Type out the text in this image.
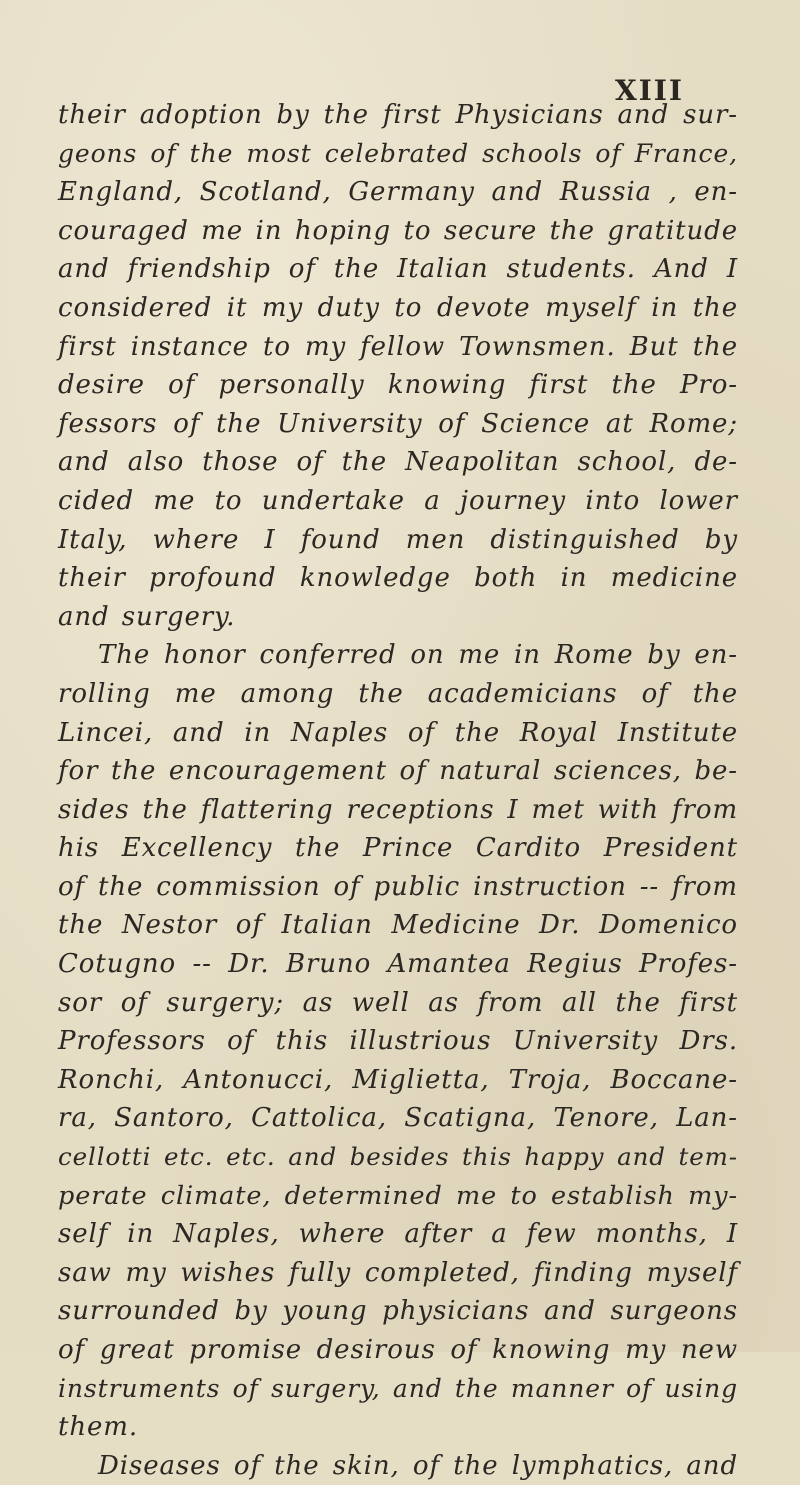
XIII
their adoption by the first Physicians and sur-
geons of the most celebrated schools of France,
England, Scotland, Germany and Russia , en-
couraged me in hoping to secure the gratitude
and friendship of the Italian students. And I
considered it my duty to devote myself in the
first instance to my fellow Townsmen. But the
desire of personally knowing first the Pro-
fessors of the University of Science at Rome;
and also those of the Neapolitan school, de-
cided me to undertake a journey into lower
Italy, where I found men distinguished by
their profound knowledge both in medicine
and surgery.
The honor conferred on me in Rome by en-
rolling me among the academicians of the
Lincei, and in Naples of the Royal Institute
for the encouragement of natural sciences, be-
sides the flattering receptions I met with from
his Excellency the Prince Cardito President
of the commission of public instruction -- from
the Nestor of Italian Medicine Dr. Domenico
Cotugno -- Dr. Bruno Amantea Regius Profes-
sor of surgery; as well as from all the first
Professors of this illustrious University Drs.
Ronchi, Antonucci, Miglietta, Troja, Boccane-
ra, Santoro, Cattolica, Scatigna, Tenore, Lan-
cellotti etc. etc. and besides this happy and tem-
perate climate, determined me to establish my-
self in Naples, where after a few months, I
saw my wishes fully completed, finding myself
surrounded by young physicians and surgeons
of great promise desirous of knowing my new
instruments of surgery, and the manner of using
them.
Diseases of the skin, of the lymphatics, and
